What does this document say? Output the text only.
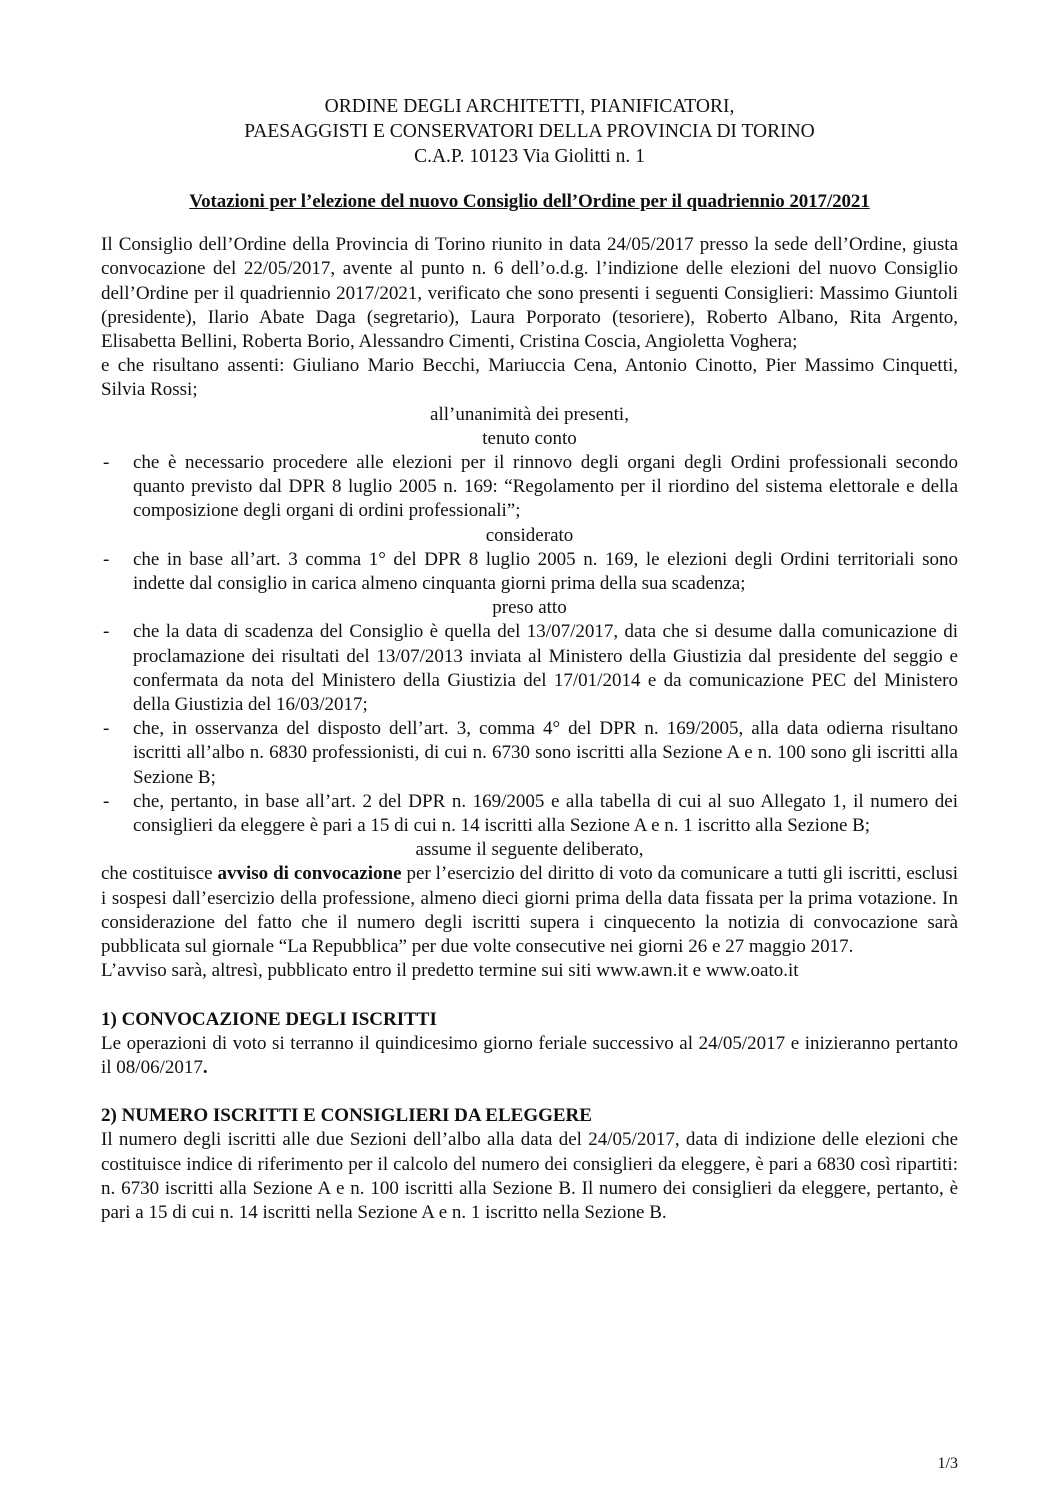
ORDINE DEGLI ARCHITETTI, PIANIFICATORI,
PAESAGGISTI E CONSERVATORI DELLA PROVINCIA DI TORINO
C.A.P. 10123 Via Giolitti n. 1
Votazioni per l’elezione del nuovo Consiglio dell’Ordine per il quadriennio 2017/2021

Il Consiglio dell’Ordine della Provincia di Torino riunito in data 24/05/2017 presso la sede dell’Ordine, giusta convocazione del 22/05/2017, avente al punto n. 6 dell’o.d.g. l’indizione delle elezioni del nuovo Consiglio dell’Ordine per il quadriennio 2017/2021, verificato che sono presenti i seguenti Consiglieri: Massimo Giuntoli (presidente), Ilario Abate Daga (segretario), Laura Porporato (tesoriere), Roberto Albano, Rita Argento, Elisabetta Bellini, Roberta Borio, Alessandro Cimenti, Cristina Coscia, Angioletta Voghera;

e che risultano assenti: Giuliano Mario Becchi, Mariuccia Cena, Antonio Cinotto, Pier Massimo Cinquetti, Silvia Rossi;

all’unanimità dei presenti,

tenuto conto

- che è necessario procedere alle elezioni per il rinnovo degli organi degli Ordini professionali secondo quanto previsto dal DPR 8 luglio 2005 n. 169: “Regolamento per il riordino del sistema elettorale e della composizione degli organi di ordini professionali”;

considerato

- che in base all’art. 3 comma 1° del DPR 8 luglio 2005 n. 169, le elezioni degli Ordini territoriali sono indette dal consiglio in carica almeno cinquanta giorni prima della sua scadenza;

preso atto

- che la data di scadenza del Consiglio è quella del 13/07/2017, data che si desume dalla comunicazione di proclamazione dei risultati del 13/07/2013 inviata al Ministero della Giustizia dal presidente del seggio e confermata da nota del Ministero della Giustizia del 17/01/2014 e da comunicazione PEC del Ministero della Giustizia del 16/03/2017;
- che, in osservanza del disposto dell’art. 3, comma 4° del DPR n. 169/2005, alla data odierna risultano iscritti all’albo n. 6830 professionisti, di cui n. 6730 sono iscritti alla Sezione A e n. 100 sono gli iscritti alla Sezione B;
- che, pertanto, in base all’art. 2 del DPR n. 169/2005 e alla tabella di cui al suo Allegato 1, il numero dei consiglieri da eleggere è pari a 15 di cui n. 14 iscritti alla Sezione A e n. 1 iscritto alla Sezione B;

assume il seguente deliberato,

che costituisce avviso di convocazione per l’esercizio del diritto di voto da comunicare a tutti gli iscritti, esclusi i sospesi dall’esercizio della professione, almeno dieci giorni prima della data fissata per la prima votazione. In considerazione del fatto che il numero degli iscritti supera i cinquecento la notizia di convocazione sarà pubblicata sul giornale “La Repubblica” per due volte consecutive nei giorni 26 e 27 maggio 2017.

L’avviso sarà, altresì, pubblicato entro il predetto termine sui siti www.awn.it e www.oato.it

1) CONVOCAZIONE DEGLI ISCRITTI

Le operazioni di voto si terranno il quindicesimo giorno feriale successivo al 24/05/2017 e inizieranno pertanto il 08/06/2017.

2) NUMERO ISCRITTI E CONSIGLIERI DA ELEGGERE

Il numero degli iscritti alle due Sezioni dell’albo alla data del 24/05/2017, data di indizione delle elezioni che costituisce indice di riferimento per il calcolo del numero dei consiglieri da eleggere, è pari a 6830 così ripartiti: n. 6730 iscritti alla Sezione A e n. 100 iscritti alla Sezione B. Il numero dei consiglieri da eleggere, pertanto, è pari a 15 di cui n. 14 iscritti nella Sezione A e n. 1 iscritto nella Sezione B.

1/3
